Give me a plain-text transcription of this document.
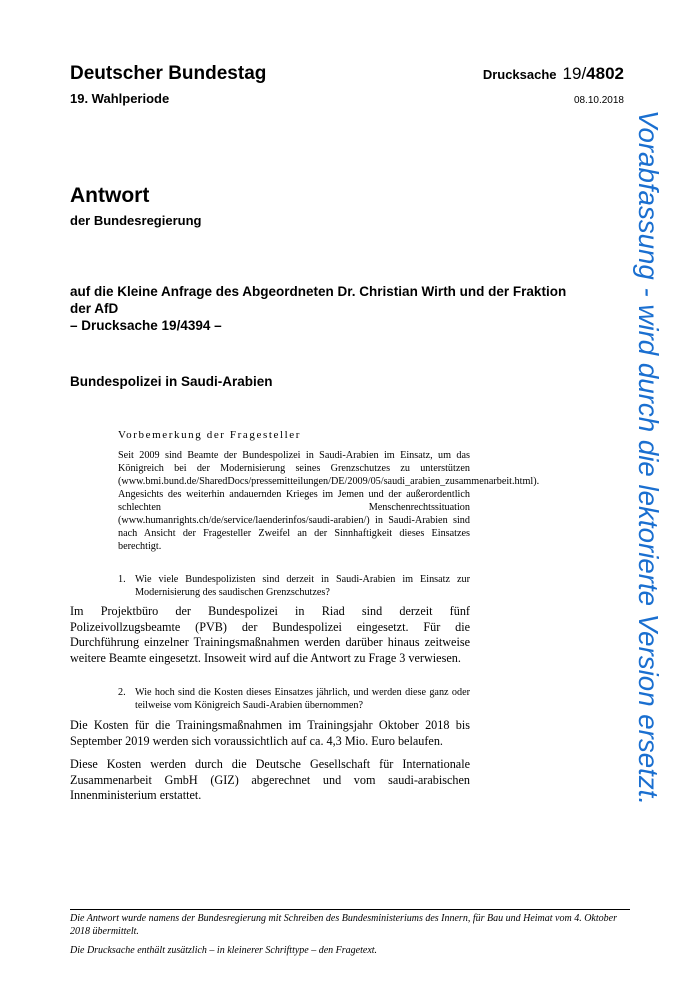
Deutscher Bundestag
19. Wahlperiode
Drucksache 19/4802
08.10.2018
Antwort
der Bundesregierung
auf die Kleine Anfrage des Abgeordneten Dr. Christian Wirth und der Fraktion
der AfD
– Drucksache 19/4394 –
Bundespolizei in Saudi-Arabien
Vorbemerkung der Fragesteller
Seit 2009 sind Beamte der Bundespolizei in Saudi-Arabien im Einsatz, um das Königreich bei der Modernisierung seines Grenzschutzes zu unterstützen (www.bmi.bund.de/SharedDocs/pressemitteilungen/DE/2009/05/saudi_arabien_zusammenarbeit.html). Angesichts des weiterhin andauernden Krieges im Jemen und der außerordentlich schlechten Menschenrechtssituation (www.humanrights.ch/de/service/laenderinfos/saudi-arabien/) in Saudi-Arabien sind nach Ansicht der Fragesteller Zweifel an der Sinnhaftigkeit dieses Einsatzes berechtigt.
1. Wie viele Bundespolizisten sind derzeit in Saudi-Arabien im Einsatz zur Modernisierung des saudischen Grenzschutzes?
Im Projektbüro der Bundespolizei in Riad sind derzeit fünf Polizeivollzugsbeamte (PVB) der Bundespolizei eingesetzt. Für die Durchführung einzelner Trainingsmaßnahmen werden darüber hinaus zeitweise weitere Beamte eingesetzt. Insoweit wird auf die Antwort zu Frage 3 verwiesen.
2. Wie hoch sind die Kosten dieses Einsatzes jährlich, und werden diese ganz oder teilweise vom Königreich Saudi-Arabien übernommen?
Die Kosten für die Trainingsmaßnahmen im Trainingsjahr Oktober 2018 bis September 2019 werden sich voraussichtlich auf ca. 4,3 Mio. Euro belaufen.
Diese Kosten werden durch die Deutsche Gesellschaft für Internationale Zusammenarbeit GmbH (GIZ) abgerechnet und vom saudi-arabischen Innenministerium erstattet.
Die Antwort wurde namens der Bundesregierung mit Schreiben des Bundesministeriums des Innern, für Bau und Heimat vom 4. Oktober 2018 übermittelt.
Die Drucksache enthält zusätzlich – in kleinerer Schrifttype – den Fragetext.
Vorabfassung - wird durch die lektorierte Version ersetzt.
